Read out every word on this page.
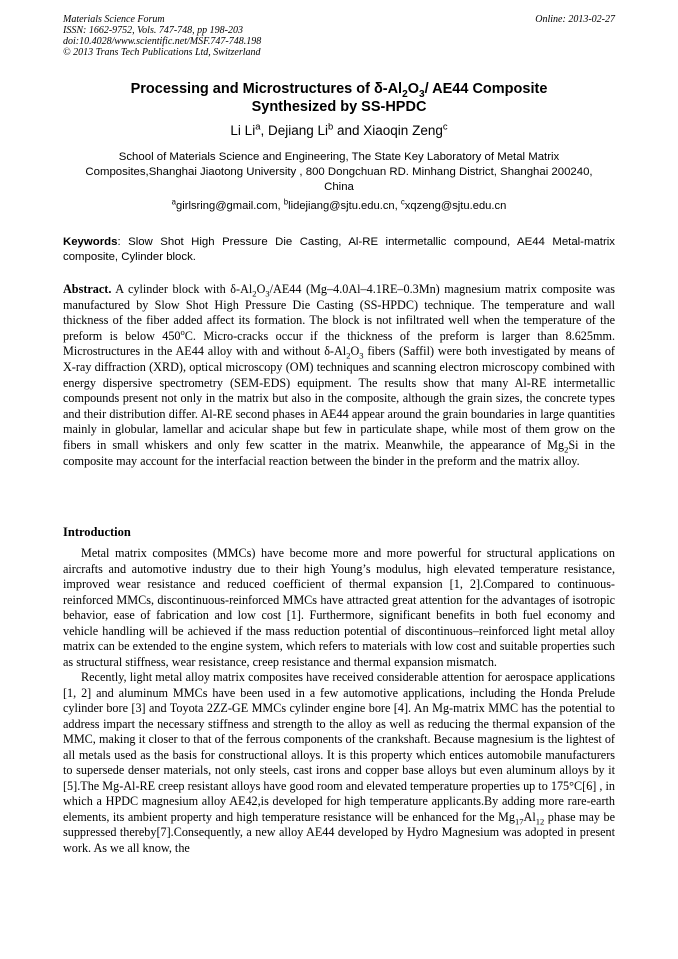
Materials Science Forum
ISSN: 1662-9752, Vols. 747-748, pp 198-203
doi:10.4028/www.scientific.net/MSF.747-748.198
© 2013 Trans Tech Publications Ltd, Switzerland
Online: 2013-02-27
Processing and Microstructures of $\delta-Al_2O_3/$ AE44 Composite
Synthesized by SS-HPDC
Li Li$^a$, Dejiang Li$^b$ and Xiaoqin Zeng$^c$
School of Materials Science and Engineering, The State Key Laboratory of Metal Matrix Composites,Shanghai Jiaotong University , 800 Dongchuan RD. Minhang District, Shanghai 200240, China
$^a$girlsring@gmail.com, $^b$lidejiang@sjtu.edu.cn, $^c$xqzeng@sjtu.edu.cn
Keywords: Slow Shot High Pressure Die Casting, Al-RE intermetallic compound, AE44 Metal-matrix composite, Cylinder block.
Abstract. A cylinder block with $\delta-Al_2O_3/AE44$ (Mg–4.0Al–4.1RE–0.3Mn) magnesium matrix composite was manufactured by Slow Shot High Pressure Die Casting (SS-HPDC) technique. The temperature and wall thickness of the fiber added affect its formation. The block is not infiltrated well when the temperature of the preform is below 450$^o$C. Micro-cracks occur if the thickness of the preform is larger than 8.625mm. Microstructures in the AE44 alloy with and without $\delta-Al_2O_3$ fibers (Saffil) were both investigated by means of X-ray diffraction (XRD), optical microscopy (OM) techniques and scanning electron microscopy combined with energy dispersive spectrometry (SEM-EDS) equipment. The results show that many Al-RE intermetallic compounds present not only in the matrix but also in the composite, although the grain sizes, the concrete types and their distribution differ. Al-RE second phases in AE44 appear around the grain boundaries in large quantities mainly in globular, lamellar and acicular shape but few in particulate shape, while most of them grow on the fibers in small whiskers and only few scatter in the matrix. Meanwhile, the appearance of $Mg_2Si$ in the composite may account for the interfacial reaction between the binder in the preform and the matrix alloy.
Introduction

Metal matrix composites (MMCs) have become more and more powerful for structural applications on aircrafts and automotive industry due to their high Young’s modulus, high elevated temperature resistance, improved wear resistance and reduced coefficient of thermal expansion [1, 2].Compared to continuous-reinforced MMCs, discontinuous-reinforced MMCs have attracted great attention for the advantages of isotropic behavior, ease of fabrication and low cost [1]. Furthermore, significant benefits in both fuel economy and vehicle handling will be achieved if the mass reduction potential of discontinuous–reinforced light metal alloy matrix can be extended to the engine system, which refers to materials with low cost and suitable properties such as structural stiffness, wear resistance, creep resistance and thermal expansion mismatch.

Recently, light metal alloy matrix composites have received considerable attention for aerospace applications [1, 2] and aluminum MMCs have been used in a few automotive applications, including the Honda Prelude cylinder bore [3] and Toyota 2ZZ-GE MMCs cylinder engine bore [4]. An Mg-matrix MMC has the potential to address impart the necessary stiffness and strength to the alloy as well as reducing the thermal expansion of the MMC, making it closer to that of the ferrous components of the crankshaft. Because magnesium is the lightest of all metals used as the basis for constructional alloys. It is this property which entices automobile manufacturers to supersede denser materials, not only steels, cast irons and copper base alloys but even aluminum alloys by it [5].The Mg-Al-RE creep resistant alloys have good room and elevated temperature properties up to 175°C[6] , in which a HPDC magnesium alloy AE42,is developed for high temperature applicants.By adding more rare-earth elements, its ambient property and high temperature resistance will be enhanced for the $Mg_{17}Al_{12}$ phase may be suppressed thereby[7].Consequently, a new alloy AE44 developed by Hydro Magnesium was adopted in present work. As we all know, the
